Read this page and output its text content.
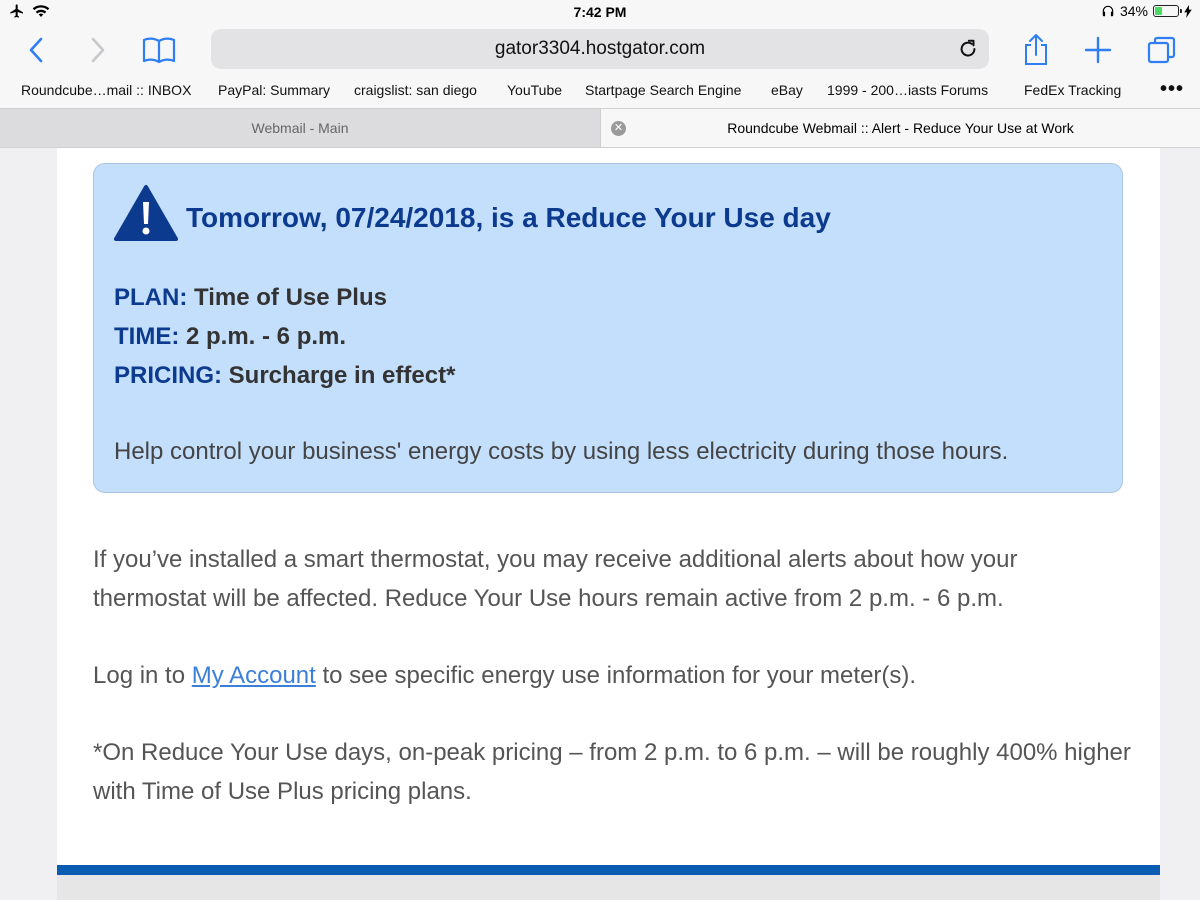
7:42 PM	34%
gator3304.hostgator.com
Roundcube…mail :: INBOX PayPal: Summary craigslist: san diego YouTube Startpage Search Engine eBay 1999 - 200…iasts Forums	FedEx Tracking •••
Webmail - Main	✕	Roundcube Webmail :: Alert - Reduce Your Use at Work
Tomorrow, 07/24/2018, is a Reduce Your Use day
PLAN: Time of Use Plus
TIME: 2 p.m. - 6 p.m.
PRICING: Surcharge in effect*
Help control your business' energy costs by using less electricity during those hours.

If you’ve installed a smart thermostat, you may receive additional alerts about how your thermostat will be affected. Reduce Your Use hours remain active from 2 p.m. - 6 p.m.

Log in to My Account to see specific energy use information for your meter(s).

*On Reduce Your Use days, on-peak pricing – from 2 p.m. to 6 p.m. – will be roughly 400% higher with Time of Use Plus pricing plans.
